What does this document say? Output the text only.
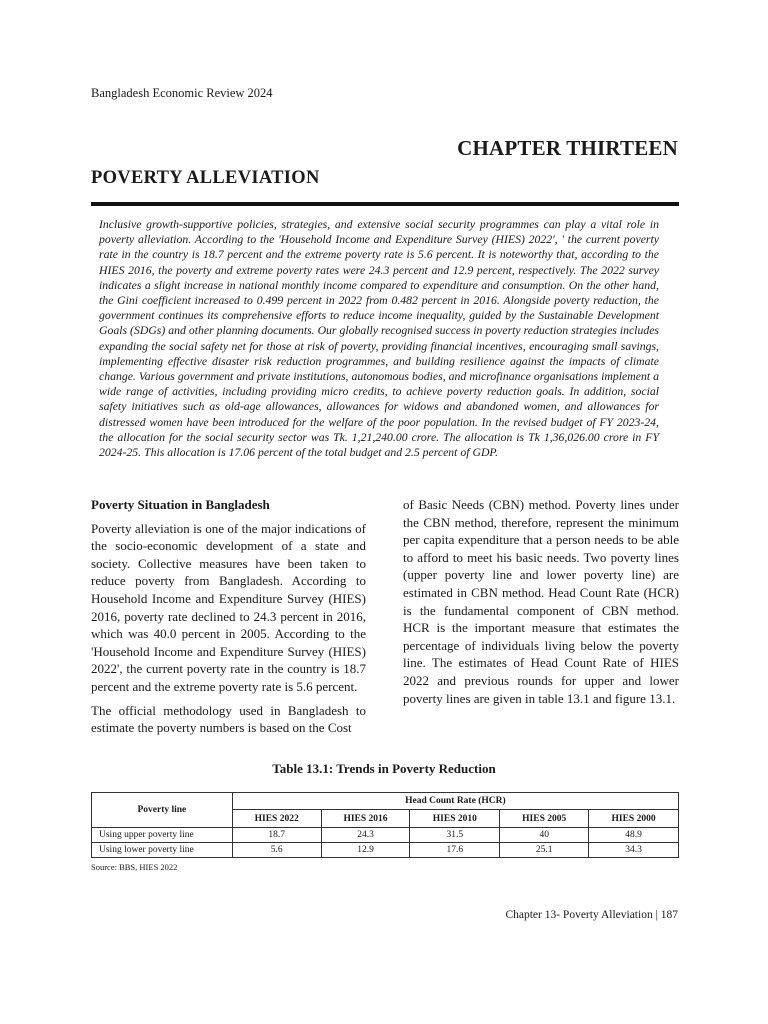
Bangladesh Economic Review 2024
CHAPTER THIRTEEN
POVERTY ALLEVIATION

Inclusive growth-supportive policies, strategies, and extensive social security programmes can play a vital role in poverty alleviation. According to the 'Household Income and Expenditure Survey (HIES) 2022', ' the current poverty rate in the country is 18.7 percent and the extreme poverty rate is 5.6 percent. It is noteworthy that, according to the HIES 2016, the poverty and extreme poverty rates were 24.3 percent and 12.9 percent, respectively. The 2022 survey indicates a slight increase in national monthly income compared to expenditure and consumption. On the other hand, the Gini coefficient increased to 0.499 percent in 2022 from 0.482 percent in 2016. Alongside poverty reduction, the government continues its comprehensive efforts to reduce income inequality, guided by the Sustainable Development Goals (SDGs) and other planning documents. Our globally recognised success in poverty reduction strategies includes expanding the social safety net for those at risk of poverty, providing financial incentives, encouraging small savings, implementing effective disaster risk reduction programmes, and building resilience against the impacts of climate change. Various government and private institutions, autonomous bodies, and microfinance organisations implement a wide range of activities, including providing micro credits, to achieve poverty reduction goals. In addition, social safety initiatives such as old-age allowances, allowances for widows and abandoned women, and allowances for distressed women have been introduced for the welfare of the poor population. In the revised budget of FY 2023-24, the allocation for the social security sector was Tk. 1,21,240.00 crore. The allocation is Tk 1,36,026.00 crore in FY 2024-25. This allocation is 17.06 percent of the total budget and 2.5 percent of GDP.

Poverty Situation in Bangladesh

Poverty alleviation is one of the major indications of the socio-economic development of a state and society. Collective measures have been taken to reduce poverty from Bangladesh. According to Household Income and Expenditure Survey (HIES) 2016, poverty rate declined to 24.3 percent in 2016, which was 40.0 percent in 2005. According to the 'Household Income and Expenditure Survey (HIES) 2022', the current poverty rate in the country is 18.7 percent and the extreme poverty rate is 5.6 percent.

The official methodology used in Bangladesh to estimate the poverty numbers is based on the Cost

of Basic Needs (CBN) method. Poverty lines under the CBN method, therefore, represent the minimum per capita expenditure that a person needs to be able to afford to meet his basic needs. Two poverty lines (upper poverty line and lower poverty line) are estimated in CBN method. Head Count Rate (HCR) is the fundamental component of CBN method. HCR is the important measure that estimates the percentage of individuals living below the poverty line. The estimates of Head Count Rate of HIES 2022 and previous rounds for upper and lower poverty lines are given in table 13.1 and figure 13.1.

Table 13.1: Trends in Poverty Reduction
Poverty line	Head Count Rate (HCR)				
	HIES 2022	HIES 2016	HIES 2010	HIES 2005	HIES 2000
Using upper poverty line	18.7	24.3	31.5	40	48.9
Using lower poverty line	5.6	12.9	17.6	25.1	34.3
Source: BBS, HIES 2022
Chapter 13- Poverty Alleviation | 187
